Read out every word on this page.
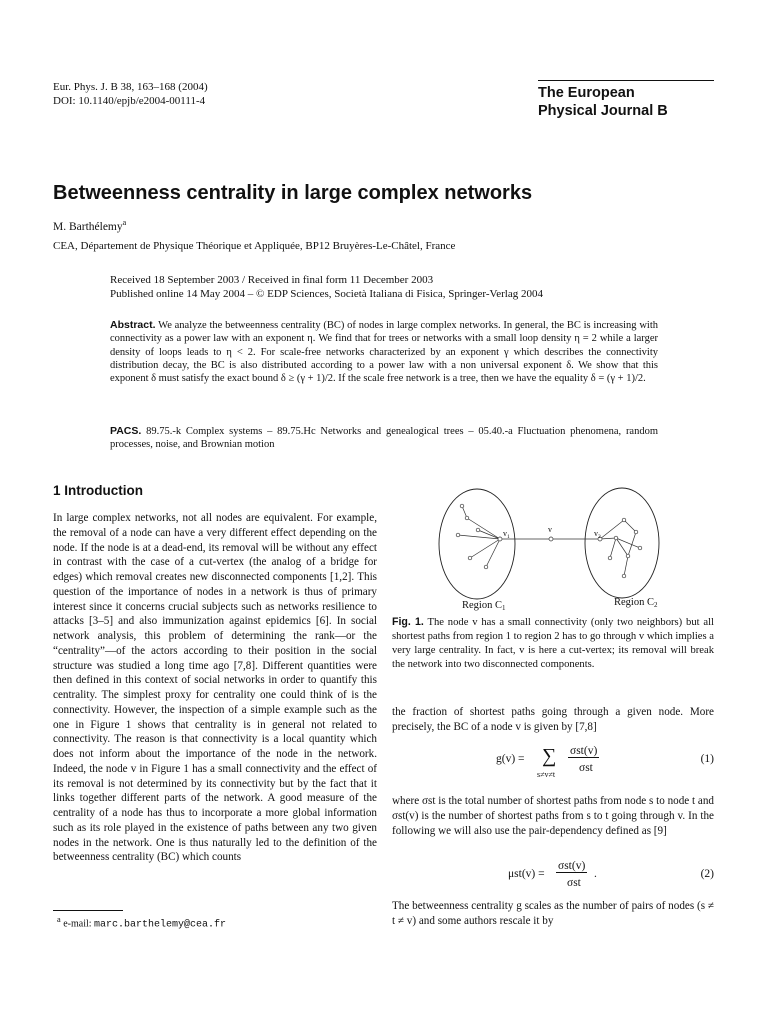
Eur. Phys. J. B 38, 163–168 (2004)
DOI: 10.1140/epjb/e2004-00111-4	The European
Physical Journal B
Betweenness centrality in large complex networks
M. Barthélemy$^a$
CEA, Département de Physique Théorique et Appliquée, BP12 Bruyères-Le-Châtel, France
Received 18 September 2003 / Received in final form 11 December 2003
Published online 14 May 2004 – © EDP Sciences, Società Italiana di Fisica, Springer-Verlag 2004
Abstract. We analyze the betweenness centrality (BC) of nodes in large complex networks. In general, the BC is increasing with connectivity as a power law with an exponent η. We find that for trees or networks with a small loop density η = 2 while a larger density of loops leads to η < 2. For scale-free networks characterized by an exponent γ which describes the connectivity distribution decay, the BC is also distributed according to a power law with a non universal exponent δ. We show that this exponent δ must satisfy the exact bound δ ≥ (γ + 1)/2. If the scale free network is a tree, then we have the equality δ = (γ + 1)/2.
PACS. 89.75.-k Complex systems – 89.75.Hc Networks and genealogical trees – 05.40.-a Fluctuation phenomena, random processes, noise, and Brownian motion
1 Introduction
In large complex networks, not all nodes are equivalent. For example, the removal of a node can have a very different effect depending on the node. If the node is at a dead-end, its removal will be without any effect in contrast with the case of a cut-vertex (the analog of a bridge for edges) which removal creates new disconnected components [1,2]. This question of the importance of nodes in a network is thus of primary interest since it concerns crucial subjects such as networks resilience to attacks [3–5] and also immunization against epidemics [6]. In social network analysis, this problem of determining the rank—or the “centrality”—of the actors according to their position in the social structure was studied a long time ago [7,8]. Different quantities were then defined in this context of social networks in order to quantify this centrality. The simplest proxy for centrality one could think of is the connectivity. However, the inspection of a simple example such as the one in Figure 1 shows that centrality is in general not related to connectivity. The reason is that connectivity is a local quantity which does not inform about the importance of the node in the network. Indeed, the node v in Figure 1 has a small connectivity and the effect of its removal is not determined by its connectivity but by the fact that it links together different parts of the network. A good measure of the centrality of a node has thus to incorporate a more global information such as its role played in the existence of paths between any two given nodes in the network. One is thus naturally led to the definition of the betweenness centrality (BC) which counts
$^a$ e-mail: marc.barthelemy@cea.fr
$v_1$
v	$v_2$
Region C1	Region C2
Fig. 1. The node v has a small connectivity (only two neighbors) but all shortest paths from region 1 to region 2 has to go through v which implies a very large centrality. In fact, v is here a cut-vertex; its removal will break the network into two disconnected components.
the fraction of shortest paths going through a given node. More precisely, the BC of a node v is given by [7,8]
g(v) = ∑
s≠v≠t
σst(v)
σst
(1)
where σst is the total number of shortest paths from node s to node t and σst(v) is the number of shortest paths from s to t going through v. In the following we will also use the pair-dependency defined as [9]
μst(v) =
σst(v)
σst
.	(2)
The betweenness centrality g scales as the number of pairs of nodes (s ≠ t ≠ v) and some authors rescale it by
